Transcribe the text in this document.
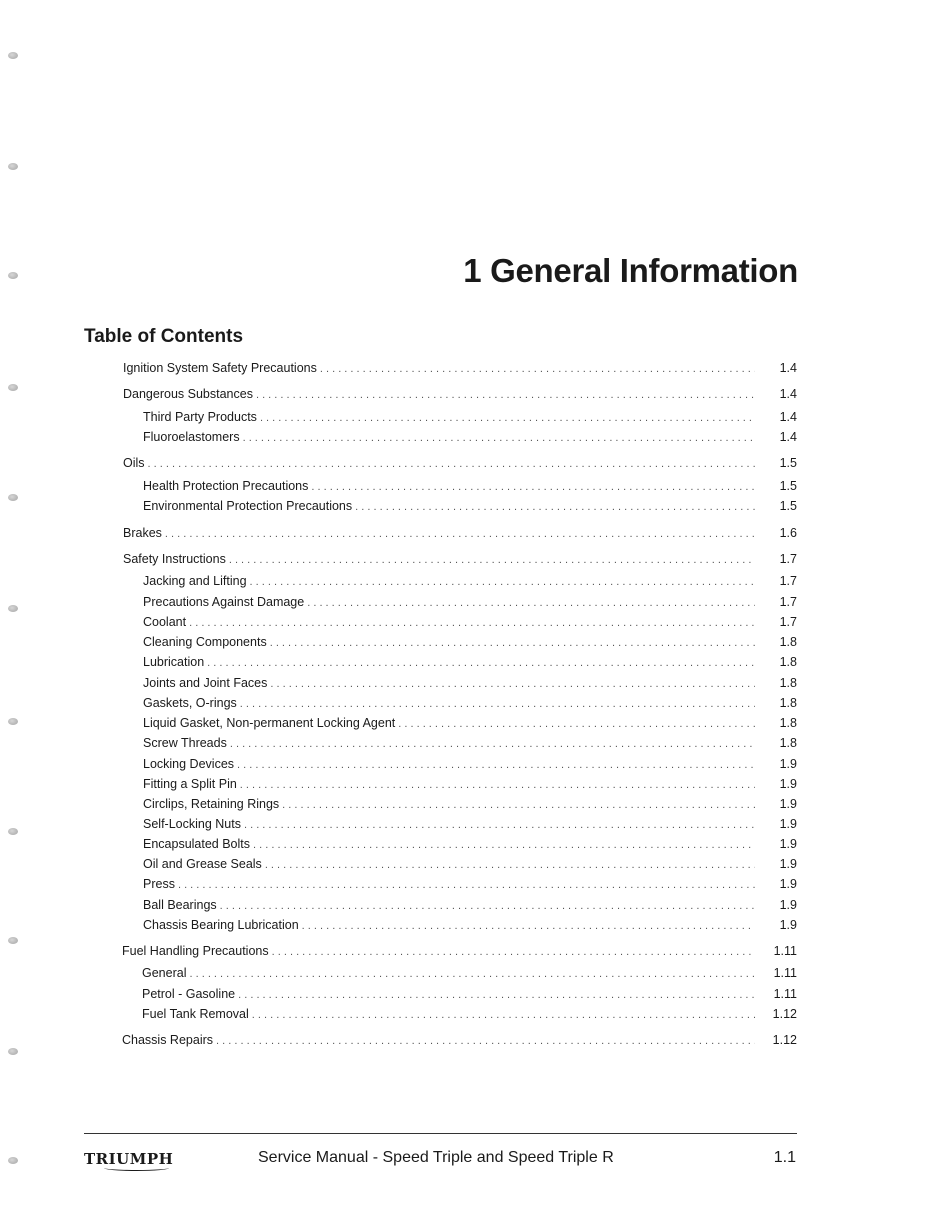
1 General Information
Table of Contents
Ignition System Safety Precautions . . .	1.4
Dangerous Substances . . .	1.4
Third Party Products . . .	1.4
Fluoroelastomers . . .	1.4
Oils . . .	1.5
Health Protection Precautions . . .	1.5
Environmental Protection Precautions . . .	1.5
Brakes . . .	1.6
Safety Instructions . . .	1.7
Jacking and Lifting . . .	1.7
Precautions Against Damage . . .	1.7
Coolant . . .	1.7
Cleaning Components . . .	1.8
Lubrication . . .	1.8
Joints and Joint Faces . . .	1.8
Gaskets, O-rings . . .	1.8
Liquid Gasket, Non-permanent Locking Agent . . .	1.8
Screw Threads . . .	1.8
Locking Devices . . .	1.9
Fitting a Split Pin . . .	1.9
Circlips, Retaining Rings . . .	1.9
Self-Locking Nuts . . .	1.9
Encapsulated Bolts . . .	1.9
Oil and Grease Seals . . .	1.9
Press . . .	1.9
Ball Bearings . . .	1.9
Chassis Bearing Lubrication . . .	1.9
Fuel Handling Precautions . . .	1.11
General . . .	1.11
Petrol - Gasoline . . .	1.11
Fuel Tank Removal . . .	1.12
Chassis Repairs . . .	1.12
TRIUMPH	Service Manual - Speed Triple and Speed Triple R	1.1
